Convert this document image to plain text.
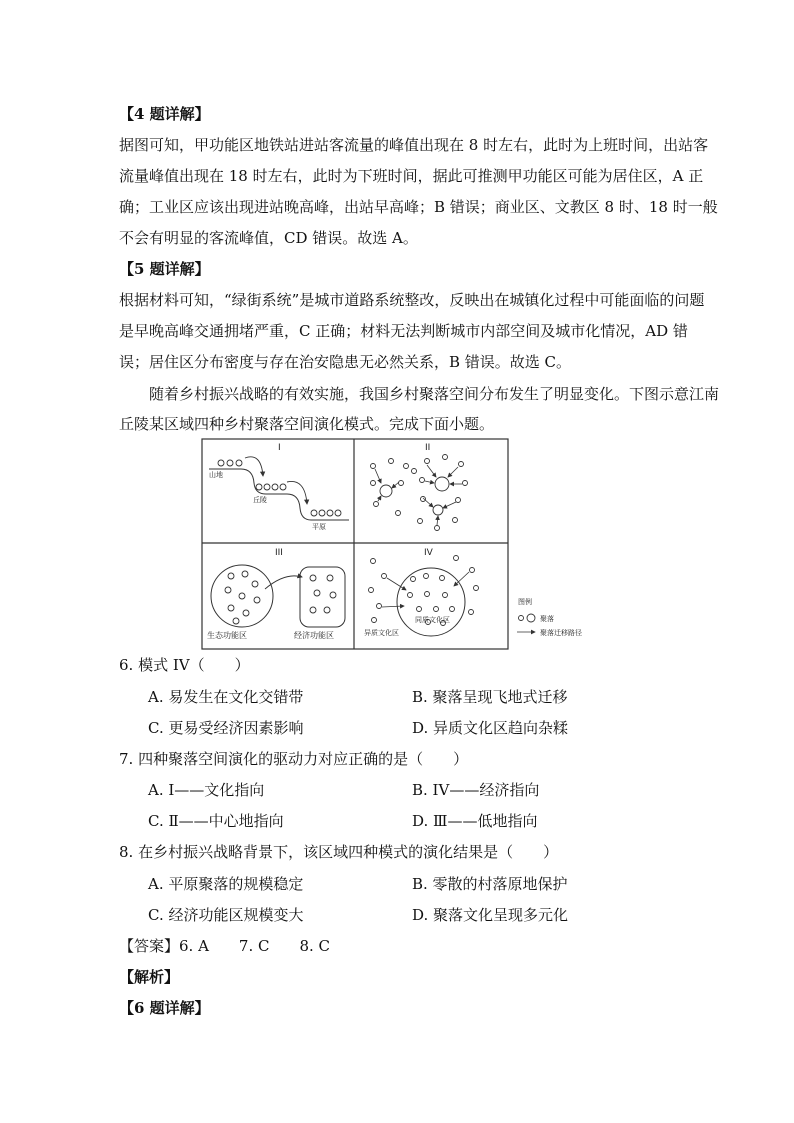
【4 题详解】
据图可知，甲功能区地铁站进站客流量的峰值出现在 8 时左右，此时为上班时间，出站客
流量峰值出现在 18 时左右，此时为下班时间，据此可推测甲功能区可能为居住区，A 正
确；工业区应该出现进站晚高峰，出站早高峰；B 错误；商业区、文教区 8 时、18 时一般
不会有明显的客流峰值，CD 错误。故选 A。
【5 题详解】
根据材料可知，“绿街系统”是城市道路系统整改，反映出在城镇化过程中可能面临的问题
是早晚高峰交通拥堵严重，C 正确；材料无法判断城市内部空间及城市化情况，AD 错
误；居住区分布密度与存在治安隐患无必然关系，B 错误。故选 C。
　　随着乡村振兴战略的有效实施，我国乡村聚落空间分布发生了明显变化。下图示意江南
丘陵某区域四种乡村聚落空间演化模式。完成下面小题。
I
山地
丘陵
平原
II
III
生态功能区	经济功能区
IV
异质文化区
同质文化区
图例
聚落
聚落迁移路径
6. 模式 IV（　　）
A. 易发生在文化交错带	B. 聚落呈现飞地式迁移
C. 更易受经济因素影响	D. 异质文化区趋向杂糅
7. 四种聚落空间演化的驱动力对应正确的是（　　）
A. I——文化指向	B. IV——经济指向
C. Ⅱ——中心地指向	D. Ⅲ——低地指向
8. 在乡村振兴战略背景下，该区域四种模式的演化结果是（　　）
A. 平原聚落的规模稳定	B. 零散的村落原地保护
C. 经济功能区规模变大	D. 聚落文化呈现多元化
【答案】6. A　　7. C　　8. C
【解析】
【6 题详解】
